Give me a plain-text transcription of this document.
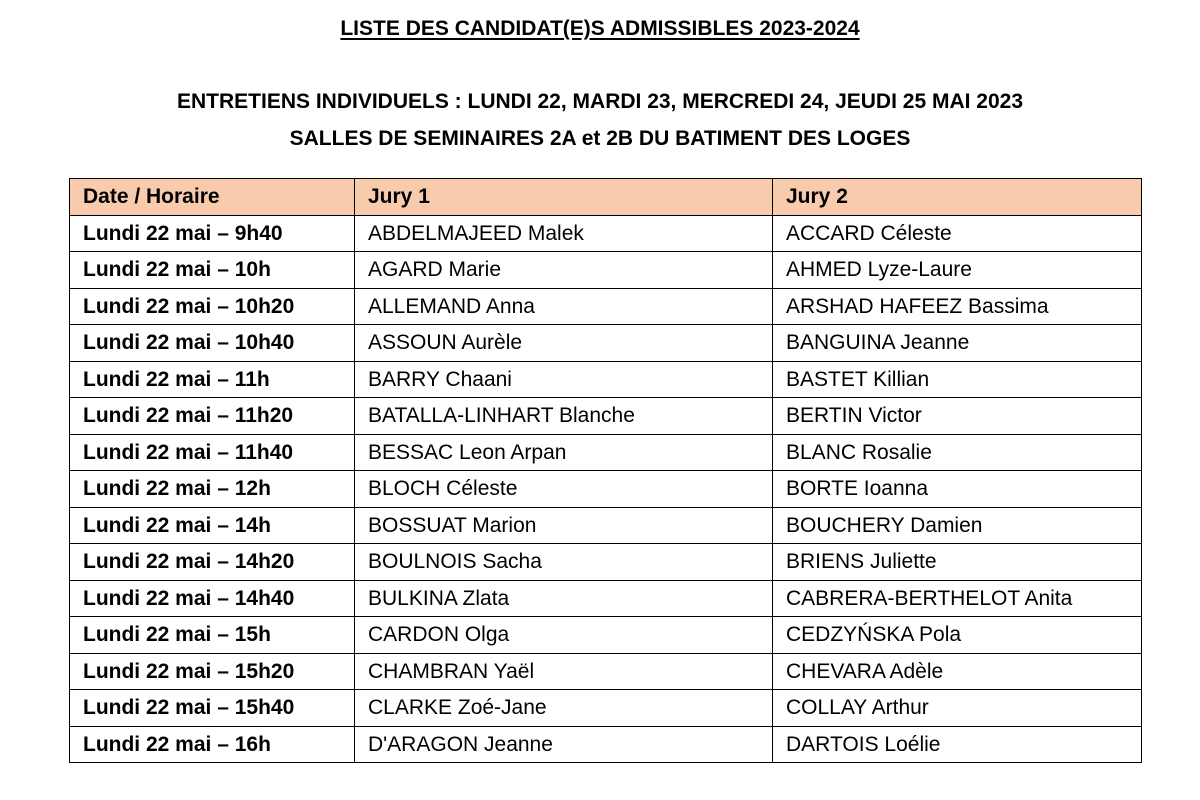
LISTE DES CANDIDAT(E)S ADMISSIBLES 2023-2024
ENTRETIENS INDIVIDUELS : LUNDI 22, MARDI 23, MERCREDI 24, JEUDI 25 MAI 2023
SALLES DE SEMINAIRES 2A et 2B DU BATIMENT DES LOGES
Date / Horaire	Jury 1	Jury 2
Lundi 22 mai – 9h40	ABDELMAJEED Malek	ACCARD Céleste
Lundi 22 mai – 10h	AGARD Marie	AHMED Lyze-Laure
Lundi 22 mai – 10h20	ALLEMAND Anna	ARSHAD HAFEEZ Bassima
Lundi 22 mai – 10h40	ASSOUN Aurèle	BANGUINA Jeanne
Lundi 22 mai – 11h	BARRY Chaani	BASTET Killian
Lundi 22 mai – 11h20	BATALLA-LINHART Blanche	BERTIN Victor
Lundi 22 mai – 11h40	BESSAC Leon Arpan	BLANC Rosalie
Lundi 22 mai – 12h	BLOCH Céleste	BORTE Ioanna
Lundi 22 mai – 14h	BOSSUAT Marion	BOUCHERY Damien
Lundi 22 mai – 14h20	BOULNOIS Sacha	BRIENS Juliette
Lundi 22 mai – 14h40	BULKINA Zlata	CABRERA-BERTHELOT Anita
Lundi 22 mai – 15h	CARDON Olga	CEDZYŃSKA Pola
Lundi 22 mai – 15h20	CHAMBRAN Yaël	CHEVARA Adèle
Lundi 22 mai – 15h40	CLARKE Zoé-Jane	COLLAY Arthur
Lundi 22 mai – 16h	D'ARAGON Jeanne	DARTOIS Loélie
